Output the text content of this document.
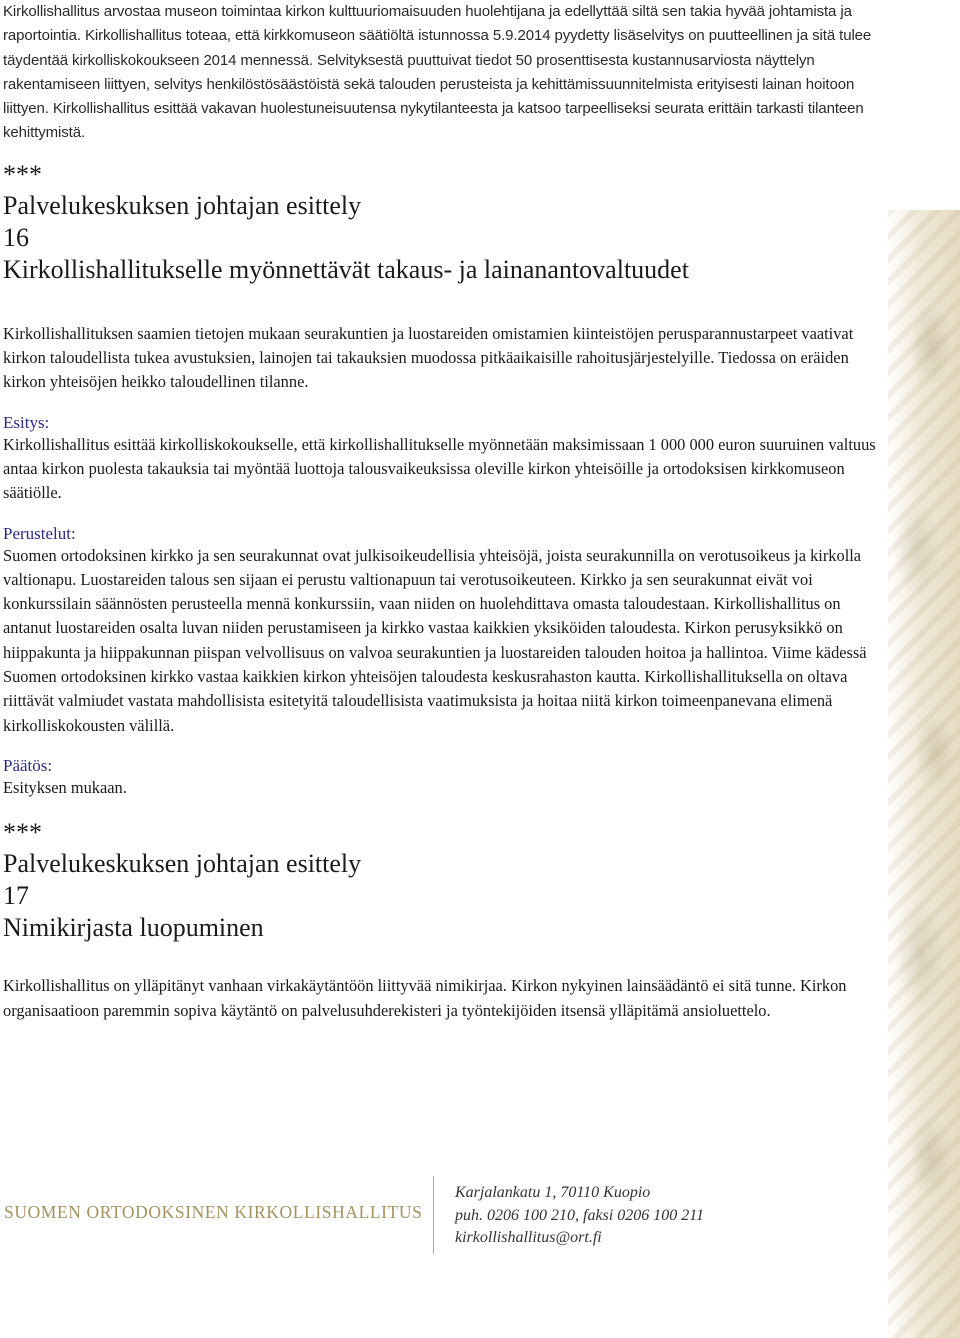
Kirkollishallitus arvostaa museon toimintaa kirkon kulttuuriomaisuuden huolehtijana ja edellyttää siltä sen takia hyvää johtamista ja raportointia. Kirkollishallitus toteaa, että kirkkomuseon säätiöltä istunnossa 5.9.2014 pyydetty lisäselvitys on puutteellinen ja sitä tulee täydentää kirkolliskokoukseen 2014 mennessä. Selvityksestä puuttuivat tiedot 50 prosenttisesta kustannusarviosta näyttelyn rakentamiseen liittyen, selvitys henkilöstösäästöistä sekä talouden perusteista ja kehittämissuunnitelmista erityisesti lainan hoitoon liittyen. Kirkollishallitus esittää vakavan huolestuneisuutensa nykytilanteesta ja katsoo tarpeelliseksi seurata erittäin tarkasti tilanteen kehittymistä.

***
Palvelukeskuksen johtajan esittely
16
Kirkollishallitukselle myönnettävät takaus- ja lainanantovaltuudet

Kirkollishallituksen saamien tietojen mukaan seurakuntien ja luostareiden omistamien kiinteistöjen perusparannustarpeet vaativat kirkon taloudellista tukea avustuksien, lainojen tai takauksien muodossa pitkäaikaisille rahoitusjärjestelyille. Tiedossa on eräiden kirkon yhteisöjen heikko taloudellinen tilanne.

Esitys:

Kirkollishallitus esittää kirkolliskokoukselle, että kirkollishallitukselle myönnetään maksimissaan 1 000 000 euron suuruinen valtuus antaa kirkon puolesta takauksia tai myöntää luottoja talousvaikeuksissa oleville kirkon yhteisöille ja ortodoksisen kirkkomuseon säätiölle.

Perustelut:

Suomen ortodoksinen kirkko ja sen seurakunnat ovat julkisoikeudellisia yhteisöjä, joista seurakunnilla on verotusoikeus ja kirkolla valtionapu. Luostareiden talous sen sijaan ei perustu valtionapuun tai verotusoikeuteen. Kirkko ja sen seurakunnat eivät voi konkurssilain säännösten perusteella mennä konkurssiin, vaan niiden on huolehdittava omasta taloudestaan. Kirkollishallitus on antanut luostareiden osalta luvan niiden perustamiseen ja kirkko vastaa kaikkien yksiköiden taloudesta. Kirkon perusyksikkö on hiippakunta ja hiippakunnan piispan velvollisuus on valvoa seurakuntien ja luostareiden talouden hoitoa ja hallintoa. Viime kädessä Suomen ortodoksinen kirkko vastaa kaikkien kirkon yhteisöjen taloudesta keskusrahaston kautta. Kirkollishallituksella on oltava riittävät valmiudet vastata mahdollisista esitetyitä taloudellisista vaatimuksista ja hoitaa niitä kirkon toimeenpanevana elimenä kirkolliskokousten välillä.

Päätös:

Esityksen mukaan.

***
Palvelukeskuksen johtajan esittely
17
Nimikirjasta luopuminen

Kirkollishallitus on ylläpitänyt vanhaan virkakäytäntöön liittyvää nimikirjaa. Kirkon nykyinen lainsäädäntö ei sitä tunne. Kirkon organisaatioon paremmin sopiva käytäntö on palvelusuhderekisteri ja työntekijöiden itsensä ylläpitämä ansioluettelo.

SUOMEN ORTODOKSINEN KIRKOLLISHALLITUS
Karjalankatu 1, 70110 Kuopio
puh. 0206 100 210, faksi 0206 100 211
kirkollishallitus@ort.fi
